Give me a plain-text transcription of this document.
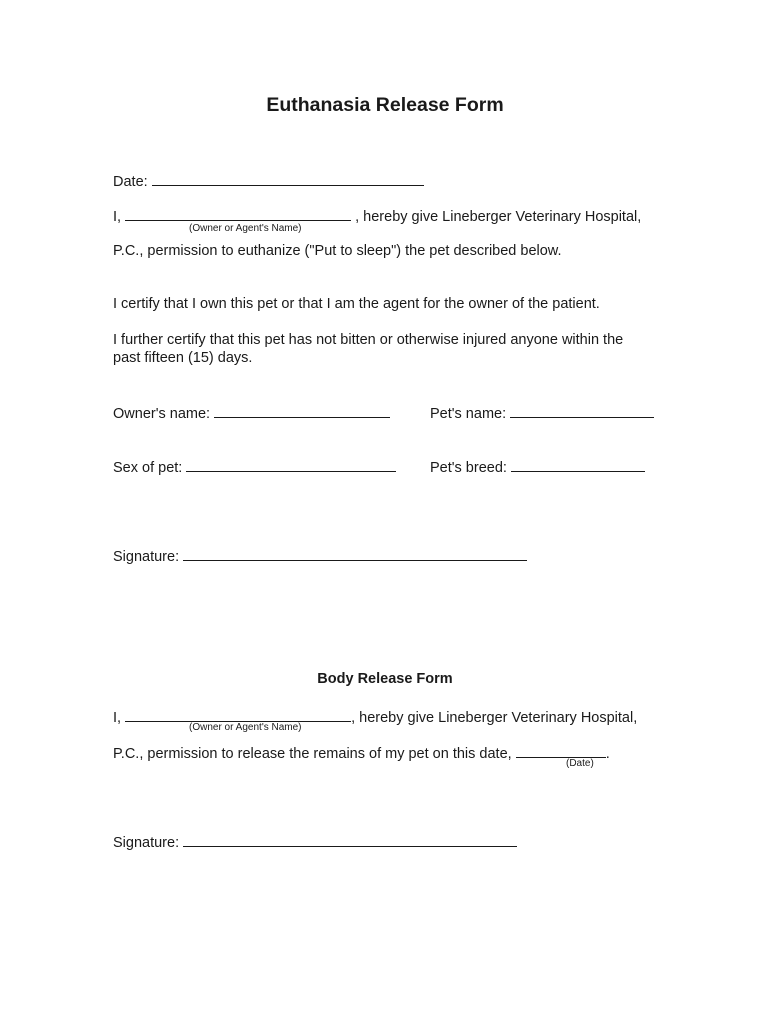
Euthanasia Release Form
Date:
I,	, hereby give Lineberger Veterinary Hospital,
(Owner or Agent's Name)
P.C., permission to euthanize ("Put to sleep") the pet described below.
I certify that I own this pet or that I am the agent for the owner of the patient.
I further certify that this pet has not bitten or otherwise injured anyone within the
past fifteen (15) days.
Owner's name:	Pet's name:
Sex of pet:	Pet's breed:
Signature:
Body Release Form
I,	, hereby give Lineberger Veterinary Hospital,
(Owner or Agent's Name)
P.C., permission to release the remains of my pet on this date,	.
(Date)
Signature:
